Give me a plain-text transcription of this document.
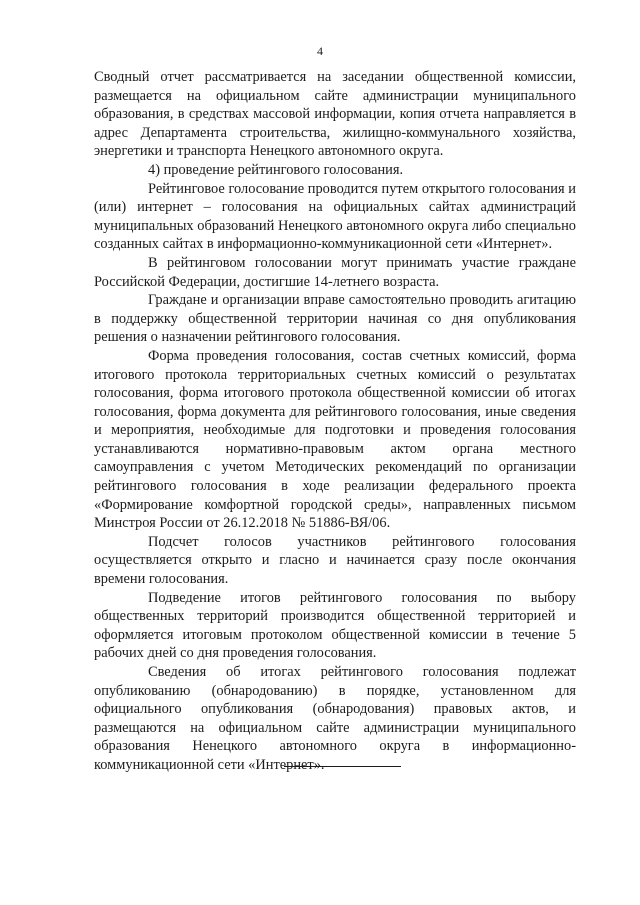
4

Сводный отчет рассматривается на заседании общественной комиссии, размещается на официальном сайте администрации муниципального образования, в средствах массовой информации, копия отчета направляется в адрес Департамента строительства, жилищно-коммунального хозяйства, энергетики и транспорта Ненецкого автономного округа.

4) проведение рейтингового голосования.

Рейтинговое голосование проводится путем открытого голосования и (или) интернет – голосования на официальных сайтах администраций муниципальных образований Ненецкого автономного округа либо специально созданных сайтах в информационно-коммуникационной сети «Интернет».

В рейтинговом голосовании могут принимать участие граждане Российской Федерации, достигшие 14-летнего возраста.

Граждане и организации вправе самостоятельно проводить агитацию в поддержку общественной территории начиная со дня опубликования решения о назначении рейтингового голосования.

Форма проведения голосования, состав счетных комиссий, форма итогового протокола территориальных счетных комиссий о результатах голосования, форма итогового протокола общественной комиссии об итогах голосования, форма документа для рейтингового голосования, иные сведения и мероприятия, необходимые для подготовки и проведения голосования устанавливаются нормативно-правовым актом органа местного самоуправления с учетом Методических рекомендаций по организации рейтингового голосования в ходе реализации федерального проекта «Формирование комфортной городской среды», направленных письмом Минстроя России от 26.12.2018 № 51886-ВЯ/06.

Подсчет голосов участников рейтингового голосования осуществляется открыто и гласно и начинается сразу после окончания времени голосования.

Подведение итогов рейтингового голосования по выбору общественных территорий производится общественной территорией и оформляется итоговым протоколом общественной комиссии в течение 5 рабочих дней со дня проведения голосования.

Сведения об итогах рейтингового голосования подлежат опубликованию (обнародованию) в порядке, установленном для официального опубликования (обнародования) правовых актов, и размещаются на официальном сайте администрации муниципального образования Ненецкого автономного округа в информационно-коммуникационной сети «Интернет».
